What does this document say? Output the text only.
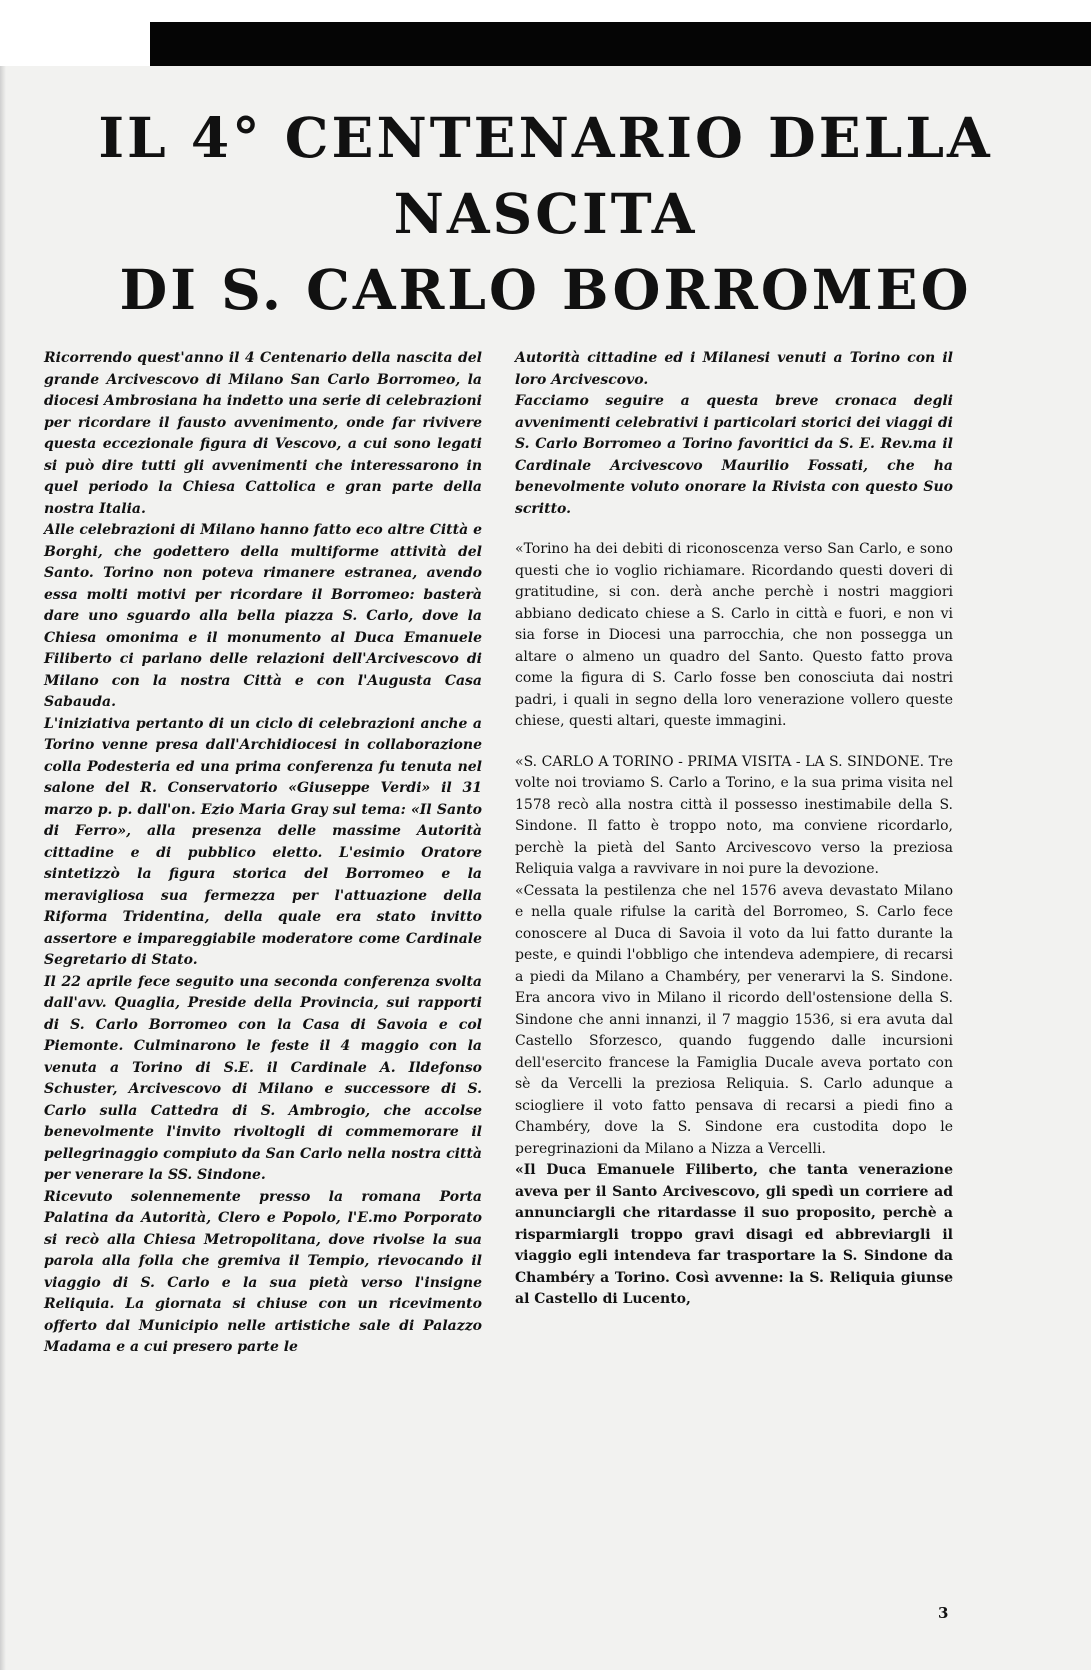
IL 4° CENTENARIO DELLA NASCITA
DI S. CARLO BORROMEO

Ricorrendo quest'anno il 4 Centenario della nascita del grande Arcivescovo di Milano San Carlo Borromeo, la diocesi Ambrosiana ha indetto una serie di celebrazioni per ricordare il fausto avvenimento, onde far rivivere questa eccezionale figura di Vescovo, a cui sono legati si può dire tutti gli avvenimenti che interessarono in quel periodo la Chiesa Cattolica e gran parte della nostra Italia.

Alle celebrazioni di Milano hanno fatto eco altre Città e Borghi, che godettero della multiforme attività del Santo. Torino non poteva rimanere estranea, avendo essa molti motivi per ricordare il Borromeo: basterà dare uno sguardo alla bella piazza S. Carlo, dove la Chiesa omonima e il monumento al Duca Emanuele Filiberto ci parlano delle relazioni dell'Arcivescovo di Milano con la nostra Città e con l'Augusta Casa Sabauda.

L'iniziativa pertanto di un ciclo di celebrazioni anche a Torino venne presa dall'Archidiocesi in collaborazione colla Podesteria ed una prima conferenza fu tenuta nel salone del R. Conservatorio «Giuseppe Verdi» il 31 marzo p. p. dall'on. Ezio Maria Gray sul tema: «Il Santo di Ferro», alla presenza delle massime Autorità cittadine e di pubblico eletto. L'esimio Oratore sintetizzò la figura storica del Borromeo e la meravigliosa sua fermezza per l'attuazione della Riforma Tridentina, della quale era stato invitto assertore e impareggiabile moderatore come Cardinale Segretario di Stato.

Il 22 aprile fece seguito una seconda conferenza svolta dall'avv. Quaglia, Preside della Provincia, sui rapporti di S. Carlo Borromeo con la Casa di Savoia e col Piemonte. Culminarono le feste il 4 maggio con la venuta a Torino di S.E. il Cardinale A. Ildefonso Schuster, Arcivescovo di Milano e successore di S. Carlo sulla Cattedra di S. Ambrogio, che accolse benevolmente l'invito rivoltogli di commemorare il pellegrinaggio compiuto da San Carlo nella nostra città per venerare la SS. Sindone.

Ricevuto solennemente presso la romana Porta Palatina da Autorità, Clero e Popolo, l'E.mo Porporato si recò alla Chiesa Metropolitana, dove rivolse la sua parola alla folla che gremiva il Tempio, rievocando il viaggio di S. Carlo e la sua pietà verso l'insigne Reliquia. La giornata si chiuse con un ricevimento offerto dal Municipio nelle artistiche sale di Palazzo Madama e a cui presero parte le

Autorità cittadine ed i Milanesi venuti a Torino con il loro Arcivescovo.

Facciamo seguire a questa breve cronaca degli avvenimenti celebrativi i particolari storici dei viaggi di S. Carlo Borromeo a Torino favoritici da S. E. Rev.ma il Cardinale Arcivescovo Maurilio Fossati, che ha benevolmente voluto onorare la Rivista con questo Suo scritto.

«Torino ha dei debiti di riconoscenza verso San Carlo, e sono questi che io voglio richiamare. Ricordando questi doveri di gratitudine, si con. derà anche perchè i nostri maggiori abbiano dedicato chiese a S. Carlo in città e fuori, e non vi sia forse in Diocesi una parrocchia, che non possegga un altare o almeno un quadro del Santo. Questo fatto prova come la figura di S. Carlo fosse ben conosciuta dai nostri padri, i quali in segno della loro venerazione vollero queste chiese, questi altari, queste immagini.

«S. CARLO A TORINO - PRIMA VISITA - LA S. SINDONE. Tre volte noi troviamo S. Carlo a Torino, e la sua prima visita nel 1578 recò alla nostra città il possesso inestimabile della S. Sindone. Il fatto è troppo noto, ma conviene ricordarlo, perchè la pietà del Santo Arcivescovo verso la preziosa Reliquia valga a ravvivare in noi pure la devozione.

«Cessata la pestilenza che nel 1576 aveva devastato Milano e nella quale rifulse la carità del Borromeo, S. Carlo fece conoscere al Duca di Savoia il voto da lui fatto durante la peste, e quindi l'obbligo che intendeva adempiere, di recarsi a piedi da Milano a Chambéry, per venerarvi la S. Sindone. Era ancora vivo in Milano il ricordo dell'ostensione della S. Sindone che anni innanzi, il 7 maggio 1536, si era avuta dal Castello Sforzesco, quando fuggendo dalle incursioni dell'esercito francese la Famiglia Ducale aveva portato con sè da Vercelli la preziosa Reliquia. S. Carlo adunque a sciogliere il voto fatto pensava di recarsi a piedi fino a Chambéry, dove la S. Sindone era custodita dopo le peregrinazioni da Milano a Nizza a Vercelli.

«Il Duca Emanuele Filiberto, che tanta venerazione aveva per il Santo Arcivescovo, gli spedì un corriere ad annunciargli che ritardasse il suo proposito, perchè a risparmiargli troppo gravi disagi ed abbreviargli il viaggio egli intendeva far trasportare la S. Sindone da Chambéry a Torino. Così avvenne: la S. Reliquia giunse al Castello di Lucento,

3
